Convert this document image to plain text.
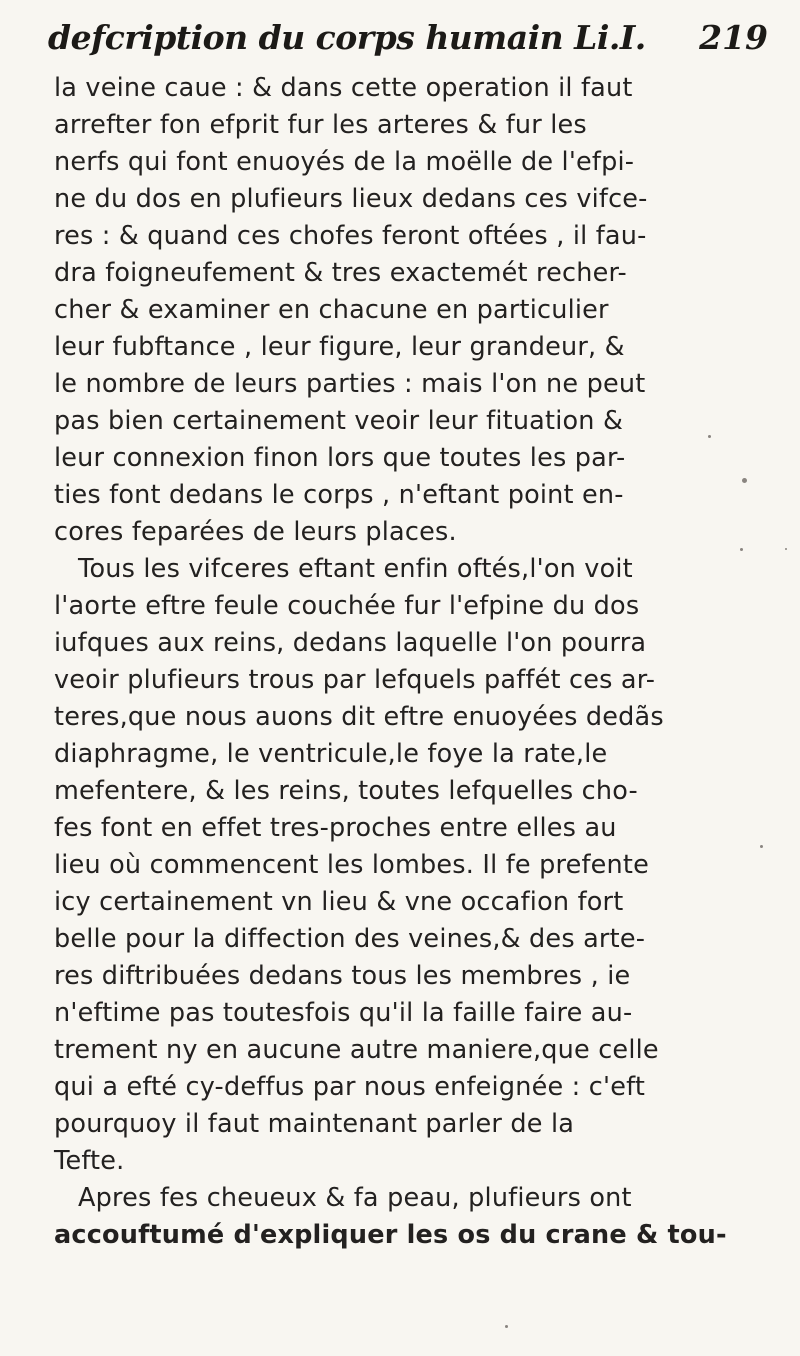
defcription du corps humain Li.I. 219
la veine caue : & dans cette operation il faut
arrefter fon efprit fur les arteres & fur les
nerfs qui font enuoyés de la moëlle de l'efpi-
ne du dos en plufieurs lieux dedans ces vifce-
res : & quand ces chofes feront oftées , il fau-
dra foigneufement & tres exactemét recher-
cher & examiner en chacune en particulier
leur fubftance , leur figure, leur grandeur, &
le nombre de leurs parties : mais l'on ne peut
pas bien certainement veoir leur fituation &
leur connexion finon lors que toutes les par-
ties font dedans le corps , n'eftant point en-
cores feparées de leurs places.
Tous les vifceres eftant enfin oftés,l'on voit
l'aorte eftre feule couchée fur l'efpine du dos
iufques aux reins, dedans laquelle l'on pourra
veoir plufieurs trous par lefquels paffét ces ar-
teres,que nous auons dit eftre enuoyées dedãs
diaphragme, le ventricule,le foye la rate,le
mefentere, & les reins, toutes lefquelles cho-
fes font en effet tres-proches entre elles au
lieu où commencent les lombes. Il fe prefente
icy certainement vn lieu & vne occafion fort
belle pour la diffection des veines,& des arte-
res diftribuées dedans tous les membres , ie
n'eftime pas toutesfois qu'il la faille faire au-
trement ny en aucune autre maniere,que celle
qui a efté cy-deffus par nous enfeignée : c'eft
pourquoy il faut maintenant parler de la
Tefte.
Apres fes cheueux & fa peau, plufieurs ont
accouftumé d'expliquer les os du crane & tou-
